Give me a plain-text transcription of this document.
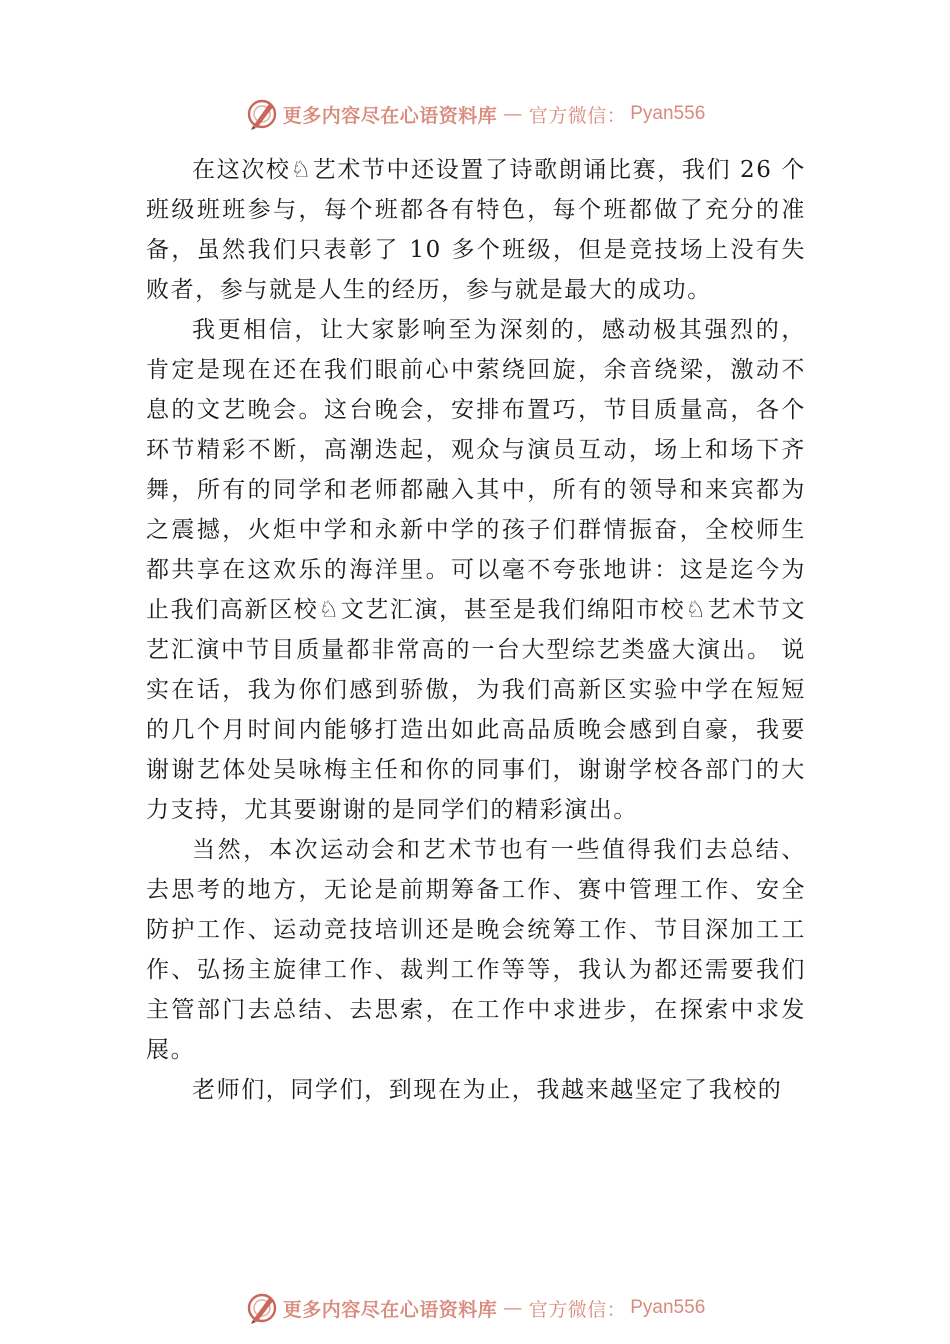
更多内容尽在心语资料库 — 官方微信： Pyan556

在这次校♘艺术节中还设置了诗歌朗诵比赛，我们 26 个班级班班参与，每个班都各有特色，每个班都做了充分的准备，虽然我们只表彰了 10 多个班级，但是竞技场上没有失败者，参与就是人生的经历，参与就是最大的成功。

我更相信，让大家影响至为深刻的，感动极其强烈的，肯定是现在还在我们眼前心中萦绕回旋，余音绕梁，激动不息的文艺晚会。这台晚会，安排布置巧，节目质量高，各个环节精彩不断，高潮迭起，观众与演员互动，场上和场下齐舞，所有的同学和老师都融入其中，所有的领导和来宾都为之震撼，火炬中学和永新中学的孩子们群情振奋，全校师生都共享在这欢乐的海洋里。可以毫不夸张地讲：这是迄今为止我们高新区校♘文艺汇演，甚至是我们绵阳市校♘艺术节文艺汇演中节目质量都非常高的一台大型综艺类盛大演出。 说实在话，我为你们感到骄傲，为我们高新区实验中学在短短的几个月时间内能够打造出如此高品质晚会感到自豪，我要谢谢艺体处吴咏梅主任和你的同事们，谢谢学校各部门的大力支持，尤其要谢谢的是同学们的精彩演出。

当然，本次运动会和艺术节也有一些值得我们去总结、去思考的地方，无论是前期筹备工作、赛中管理工作、安全防护工作、运动竞技培训还是晚会统筹工作、节目深加工工作、弘扬主旋律工作、裁判工作等等，我认为都还需要我们主管部门去总结、去思索，在工作中求进步，在探索中求发展。

老师们，同学们，到现在为止，我越来越坚定了我校的

更多内容尽在心语资料库 — 官方微信： Pyan556
